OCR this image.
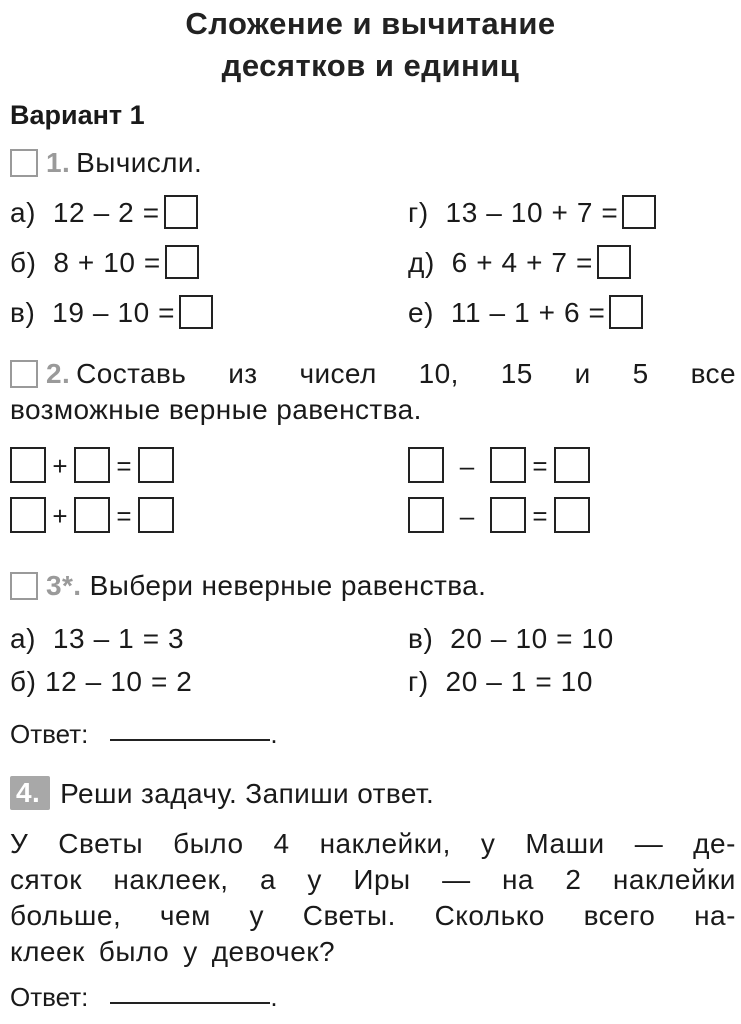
Сложение и вычитание
десятков и единиц
Вариант 1
1. Вычисли.
а) 12 – 2 =
б) 8 + 10 =
в) 19 – 10 =
г) 13 – 10 + 7 =
д) 6 + 4 + 7 =
е) 11 – 1 + 6 =
2. Составь из чисел 10, 15 и 5 все
возможные верные равенства.
+ =
+ =
– =
– =
3*. Выбери неверные равенства.
а) 13 – 1 = 3
б) 12 – 10 = 2
в) 20 – 10 = 10
г) 20 – 1 = 10
Ответ:	.
4. Реши задачу. Запиши ответ.
У Светы было 4 наклейки, у Маши — де-
сяток наклеек, а у Иры — на 2 наклейки
больше, чем у Светы. Сколько всего на-
клеек было у девочек?
Ответ:	.
